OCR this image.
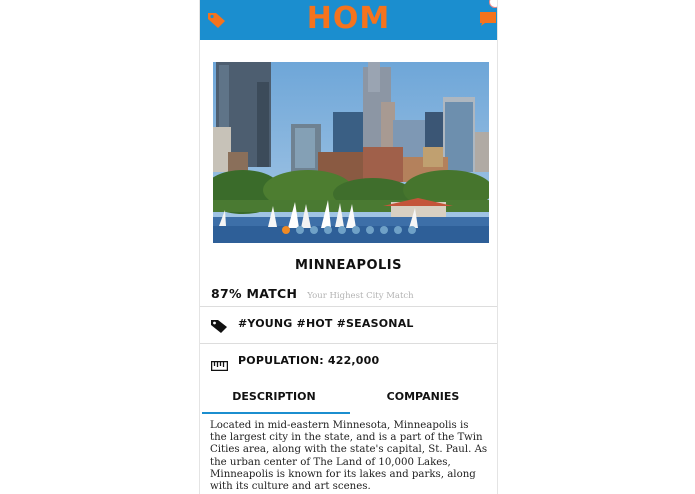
HOM
MINNEAPOLIS
87% MATCH Your Highest City Match
#YOUNG #HOT #SEASONAL
POPULATION: 422,000
DESCRIPTION	COMPANIES
Located in mid-eastern Minnesota, Minneapolis is the largest city in the state, and is a part of the Twin Cities area, along with the state's capital, St. Paul. As the urban center of The Land of 10,000 Lakes, Minneapolis is known for its lakes and parks, along with its culture and art scenes.
